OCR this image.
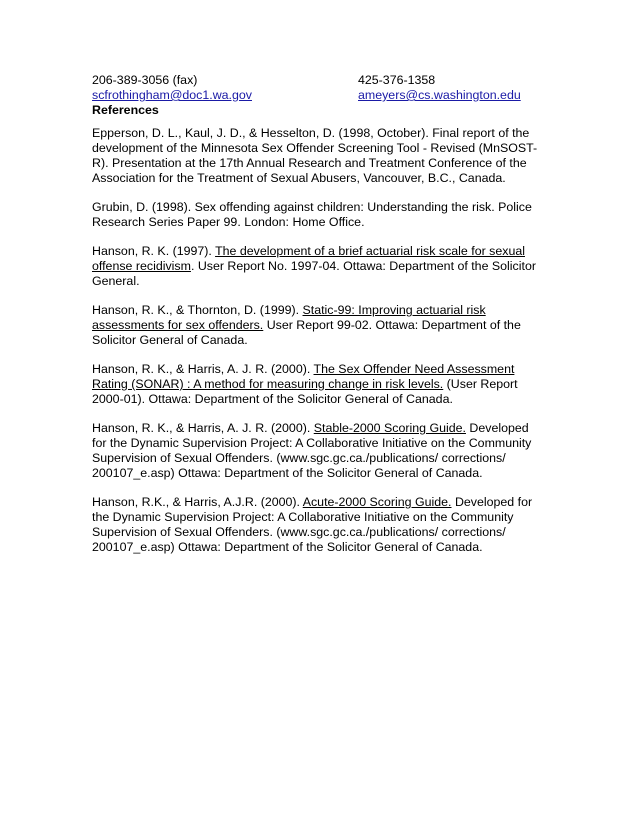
206-389-3056 (fax)	425-376-1358
scfrothingham@doc1.wa.gov	ameyers@cs.washington.edu
References

Epperson, D. L., Kaul, J. D., & Hesselton, D. (1998, October). Final report of the development of the Minnesota Sex Offender Screening Tool - Revised (MnSOST-R). Presentation at the 17th Annual Research and Treatment Conference of the Association for the Treatment of Sexual Abusers, Vancouver, B.C., Canada.

Grubin, D. (1998). Sex offending against children: Understanding the risk. Police Research Series Paper 99. London: Home Office.

Hanson, R. K. (1997). The development of a brief actuarial risk scale for sexual offense recidivism. User Report No. 1997-04. Ottawa: Department of the Solicitor General.

Hanson, R. K., & Thornton, D. (1999). Static-99: Improving actuarial risk assessments for sex offenders. User Report 99-02. Ottawa: Department of the Solicitor General of Canada.

Hanson, R. K., & Harris, A. J. R. (2000). The Sex Offender Need Assessment Rating (SONAR) : A method for measuring change in risk levels. (User Report 2000-01). Ottawa: Department of the Solicitor General of Canada.

Hanson, R. K., & Harris, A. J. R. (2000). Stable-2000 Scoring Guide. Developed for the Dynamic Supervision Project: A Collaborative Initiative on the Community Supervision of Sexual Offenders. (www.sgc.gc.ca./publications/ corrections/ 200107_e.asp) Ottawa: Department of the Solicitor General of Canada.

Hanson, R.K., & Harris, A.J.R. (2000). Acute-2000 Scoring Guide. Developed for the Dynamic Supervision Project: A Collaborative Initiative on the Community Supervision of Sexual Offenders. (www.sgc.gc.ca./publications/ corrections/ 200107_e.asp) Ottawa: Department of the Solicitor General of Canada.
